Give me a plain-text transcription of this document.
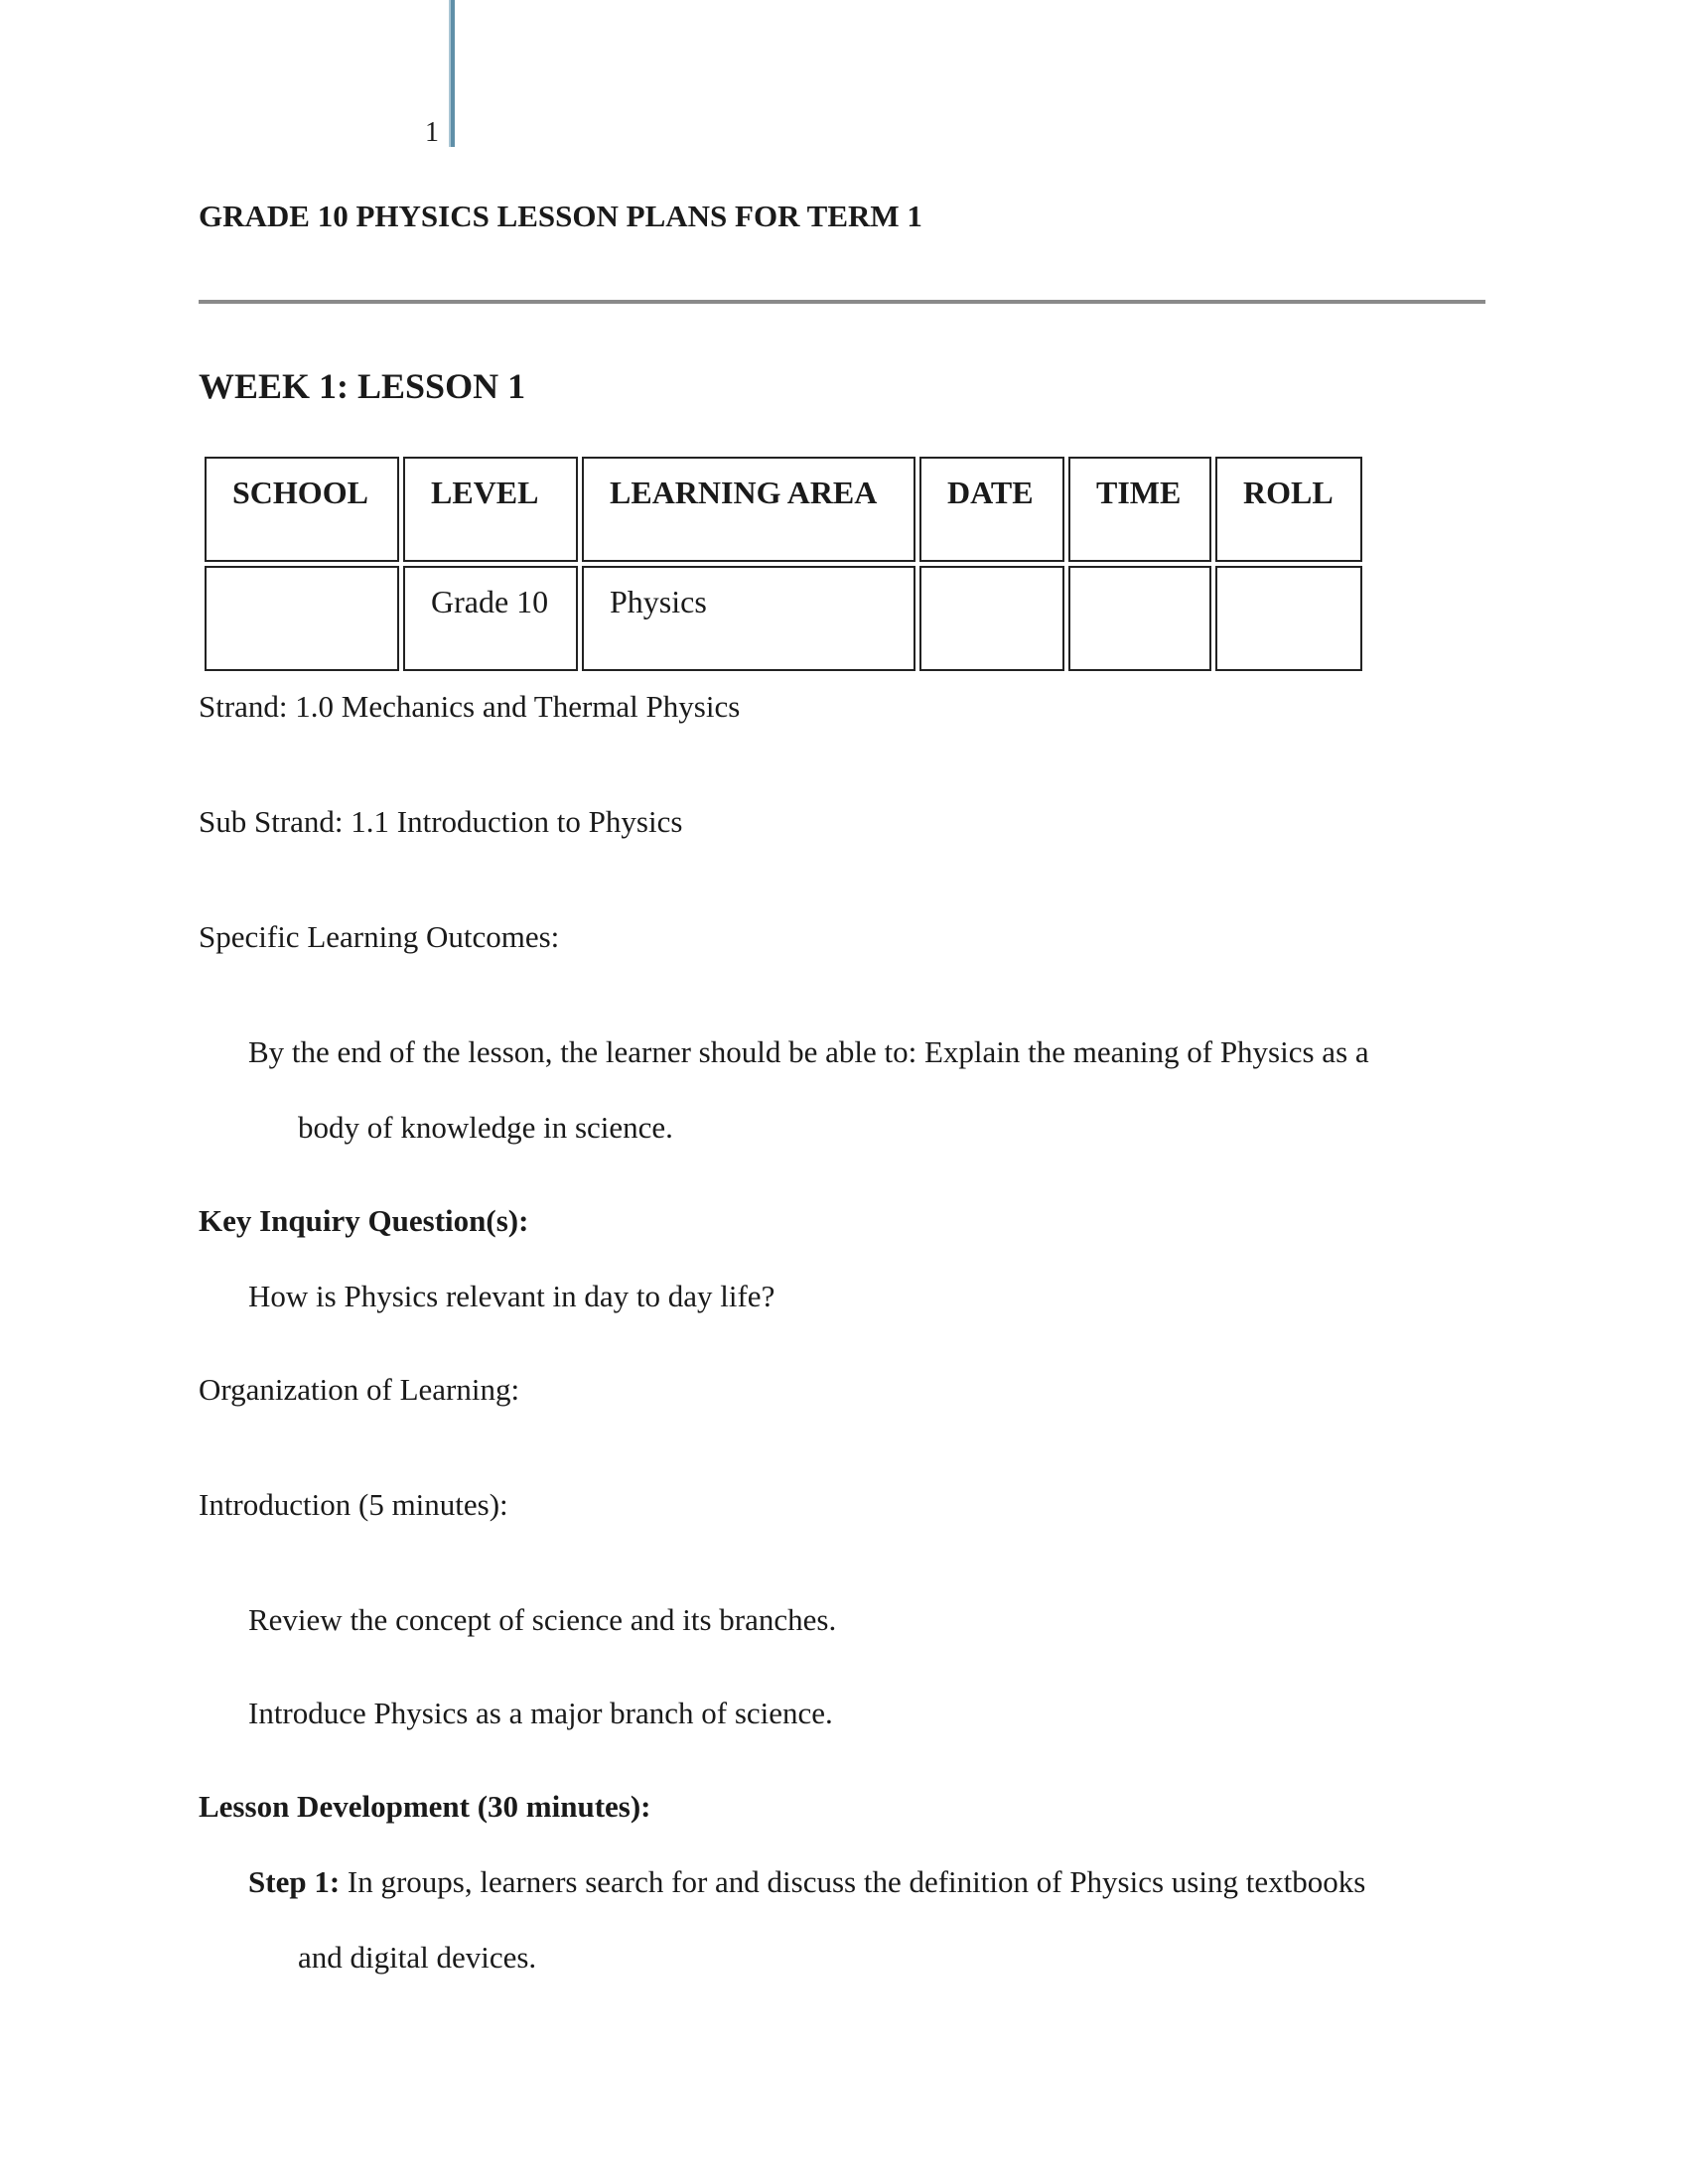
1
GRADE 10 PHYSICS LESSON PLANS FOR TERM 1
WEEK 1: LESSON 1
SCHOOL	LEVEL	LEARNING AREA	DATE	TIME	ROLL
	Grade 10	Physics			
Strand: 1.0 Mechanics and Thermal Physics
Sub Strand: 1.1 Introduction to Physics
Specific Learning Outcomes:
By the end of the lesson, the learner should be able to: Explain the meaning of Physics as a
body of knowledge in science.
Key Inquiry Question(s):
How is Physics relevant in day to day life?
Organization of Learning:
Introduction (5 minutes):
Review the concept of science and its branches.
Introduce Physics as a major branch of science.
Lesson Development (30 minutes):
Step 1: In groups, learners search for and discuss the definition of Physics using textbooks
and digital devices.
